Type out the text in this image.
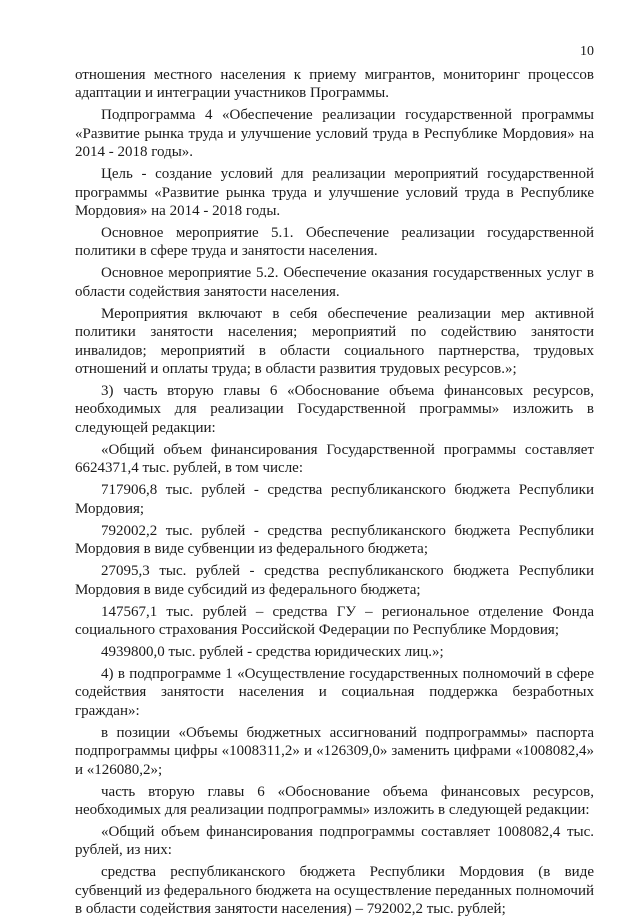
10

отношения местного населения к приему мигрантов, мониторинг процессов адаптации и интеграции участников Программы.

Подпрограмма 4 «Обеспечение реализации государственной программы «Развитие рынка труда и улучшение условий труда в Республике Мордовия» на 2014 - 2018 годы».

Цель - создание условий для реализации мероприятий государственной программы «Развитие рынка труда и улучшение условий труда в Республике Мордовия» на 2014 - 2018 годы.

Основное мероприятие 5.1. Обеспечение реализации государственной политики в сфере труда и занятости населения.

Основное мероприятие 5.2. Обеспечение оказания государственных услуг в области содействия занятости населения.

Мероприятия включают в себя обеспечение реализации мер активной политики занятости населения; мероприятий по содействию занятости инвалидов; мероприятий в области социального партнерства, трудовых отношений и оплаты труда; в области развития трудовых ресурсов.»;

3) часть вторую главы 6 «Обоснование объема финансовых ресурсов, необходимых для реализации Государственной программы» изложить в следующей редакции:

«Общий объем финансирования Государственной программы составляет 6624371,4 тыс. рублей, в том числе:

717906,8 тыс. рублей - средства республиканского бюджета Республики Мордовия;

792002,2 тыс. рублей - средства республиканского бюджета Республики Мордовия в виде субвенции из федерального бюджета;

27095,3 тыс. рублей - средства республиканского бюджета Республики Мордовия в виде субсидий из федерального бюджета;

147567,1 тыс. рублей – средства ГУ – региональное отделение Фонда социального страхования Российской Федерации по Республике Мордовия;

4939800,0 тыс. рублей - средства юридических лиц.»;

4) в подпрограмме 1 «Осуществление государственных полномочий в сфере содействия занятости населения и социальная поддержка безработных граждан»:

в позиции «Объемы бюджетных ассигнований подпрограммы» паспорта подпрограммы цифры «1008311,2» и «126309,0» заменить цифрами «1008082,4» и «126080,2»;

часть вторую главы 6 «Обоснование объема финансовых ресурсов, необходимых для реализации подпрограммы» изложить в следующей редакции:

«Общий объем финансирования подпрограммы составляет 1008082,4 тыс. рублей, из них:

средства республиканского бюджета Республики Мордовия (в виде субвенций из федерального бюджета на осуществление переданных полномочий в области содействия занятости населения) – 792002,2 тыс. рублей;
